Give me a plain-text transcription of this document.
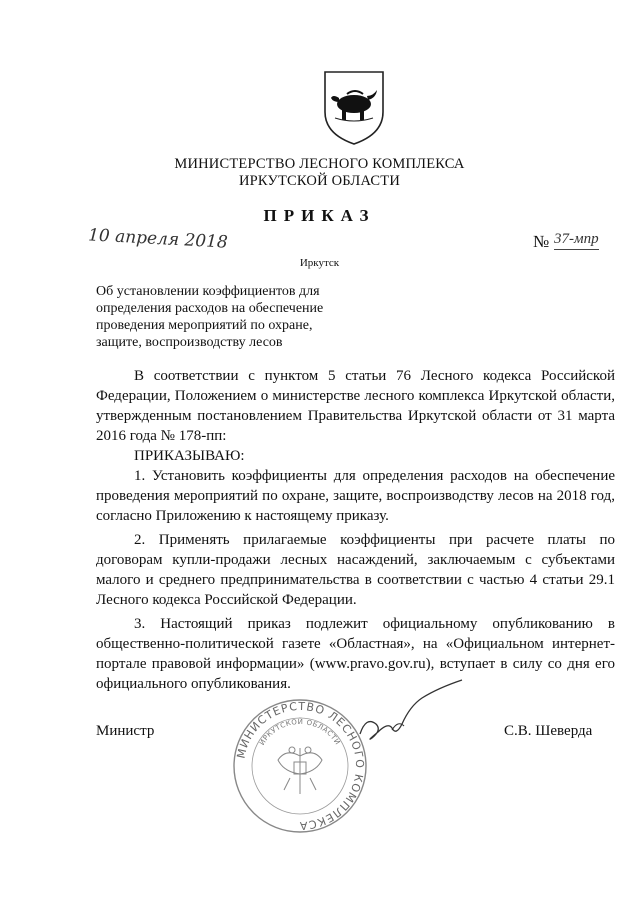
МИНИСТЕРСТВО ЛЕСНОГО КОМПЛЕКСА
ИРКУТСКОЙ ОБЛАСТИ
ПРИКАЗ
10 апреля 2018	№ 37-мпр
Иркутск
Об установлении коэффициентов для
определения расходов на обеспечение
проведения мероприятий по охране,
защите, воспроизводству лесов

В соответствии с пунктом 5 статьи 76 Лесного кодекса Российской Федерации, Положением о министерстве лесного комплекса Иркутской области, утвержденным постановлением Правительства Иркутской области от 31 марта 2016 года № 178-пп:

ПРИКАЗЫВАЮ:

1. Установить коэффициенты для определения расходов на обеспечение проведения мероприятий по охране, защите, воспроизводству лесов на 2018 год, согласно Приложению к настоящему приказу.

2. Применять прилагаемые коэффициенты при расчете платы по договорам купли-продажи лесных насаждений, заключаемым с субъектами малого и среднего предпринимательства в соответствии с частью 4 статьи 29.1 Лесного кодекса Российской Федерации.

3. Настоящий приказ подлежит официальному опубликованию в общественно-политической газете «Областная», на «Официальном интернет-портале правовой информации» (www.pravo.gov.ru), вступает в силу со дня его официального опубликования.

МИНИСТЕРСТВО ЛЕСНОГО КОМПЛЕКСА
ИРКУТСКОЙ ОБЛАСТИ
Министр	С.В. Шеверда
